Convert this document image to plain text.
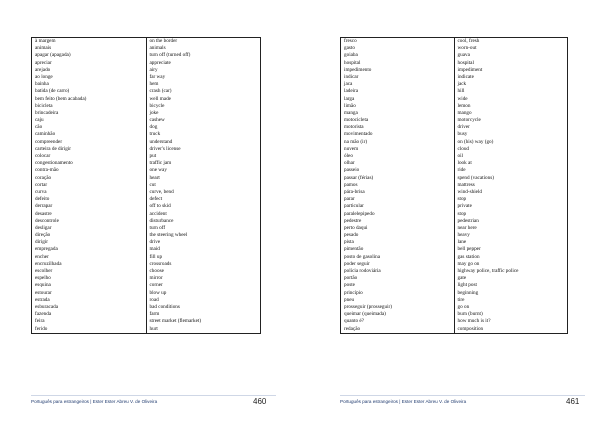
à margem	on the border
animais	animals
apagar (apagada)	turn off (turned off)
apreciar	appreciate
arejado	airy
ao longe	far way
bainha	hem
batida (de carro)	crash (car)
bem feito (bem acabada)	well made
bicicleta	bicycle
brincadeira	joke
caju	cashew
cão	dog
caminhão	truck
compreender	understand
carteira de dirigir	driver's license
colocar	put
congestionamento	traffic jam
contra-mão	one way
coração	heart
cortar	cut
curva	curve, bend
defeito	defect
derrapar	off to skid
desastre	accident
descontrole	disturbance
desligar	turn off
direção	the steering wheel
dirigir	drive
empregada	maid
encher	fill up
encruzilhada	crossroads
escolher	choose
espelho	mirror
esquina	corner
estourar	blow up
estrada	road
esburacada	bad conditions
fazenda	farm
feira	street market (flemarket)
ferido	hurt
Português para estrangeiros | Ester Ester Abreu V. de Oliveira	460
fresco	cool, fresh
gasto	worn-out
goiaba	guava
hospital	hospital
impedimento	impediment
indicar	indicate
jaca	jack
ladeira	hill
larga	wide
limão	lemon
manga	mango
motocicleta	motorcycle
motorista	driver
movimentado	busy
na mão (ir)	on (his) way (go)
nuvem	cloud
óleo	oil
olhar	look at
passeio	ride
passar (férias)	spend (vacations)
pamos	mattress
pára-brisa	wind-shield
parar	stop
particular	private
paralelepipedo	stop
pedestre	pedestrian
perto daqui	near here
pesado	heavy
pista	lane
pimentão	bell pepper
posto de gasolina	gas station
poder seguir	may go on
polícia rodoviária	highway police, traffic police
portão	gate
poste	light post
princípio	beginning
pneu	tire
prosseguir (prosseguir)	go on
queimar (queimada)	burn (burnt)
quanto é?	how much is it?
redação	composition
Português para estrangeiros | Ester Ester Abreu V. de Oliveira	461
